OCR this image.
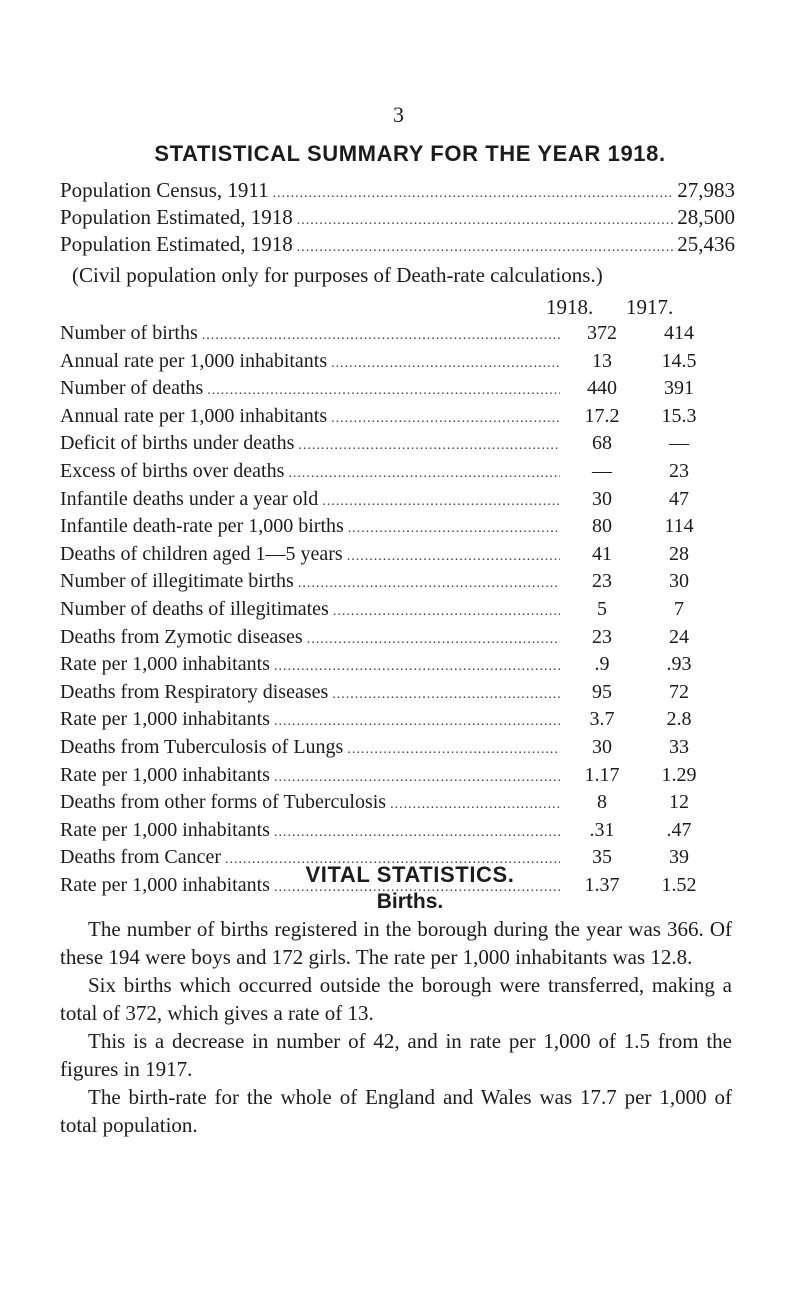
3
STATISTICAL SUMMARY FOR THE YEAR 1918.
Population Census, 1911 .....	27,983
Population Estimated, 1918 .....	28,500
Population Estimated, 1918 .....	25,436
(Civil population only for purposes of Death-rate calculations.)
1918. 1917.
Number of births .....	372	414
Annual rate per 1,000 inhabitants .....	13	14.5
Number of deaths .....	440	391
Annual rate per 1,000 inhabitants .....	17.2	15.3
Deficit of births under deaths .....	68	—
Excess of births over deaths .....	—	23
Infantile deaths under a year old .....	30	47
Infantile death-rate per 1,000 births .....	80	114
Deaths of children aged 1—5 years .....	41	28
Number of illegitimate births .....	23	30
Number of deaths of illegitimates .....	5	7
Deaths from Zymotic diseases .....	23	24
Rate per 1,000 inhabitants .....	.9	.93
Deaths from Respiratory diseases .....	95	72
Rate per 1,000 inhabitants .....	3.7	2.8
Deaths from Tuberculosis of Lungs .....	30	33
Rate per 1,000 inhabitants .....	1.17	1.29
Deaths from other forms of Tuberculosis .....	8	12
Rate per 1,000 inhabitants .....	.31	.47
Deaths from Cancer .....	35	39
Rate per 1,000 inhabitants .....	1.37	1.52
VITAL STATISTICS.
Births.

The number of births registered in the borough during the year was 366. Of these 194 were boys and 172 girls. The rate per 1,000 inhabitants was 12.8.

Six births which occurred outside the borough were transferred, making a total of 372, which gives a rate of 13.

This is a decrease in number of 42, and in rate per 1,000 of 1.5 from the figures in 1917.

The birth-rate for the whole of England and Wales was 17.7 per 1,000 of total population.
